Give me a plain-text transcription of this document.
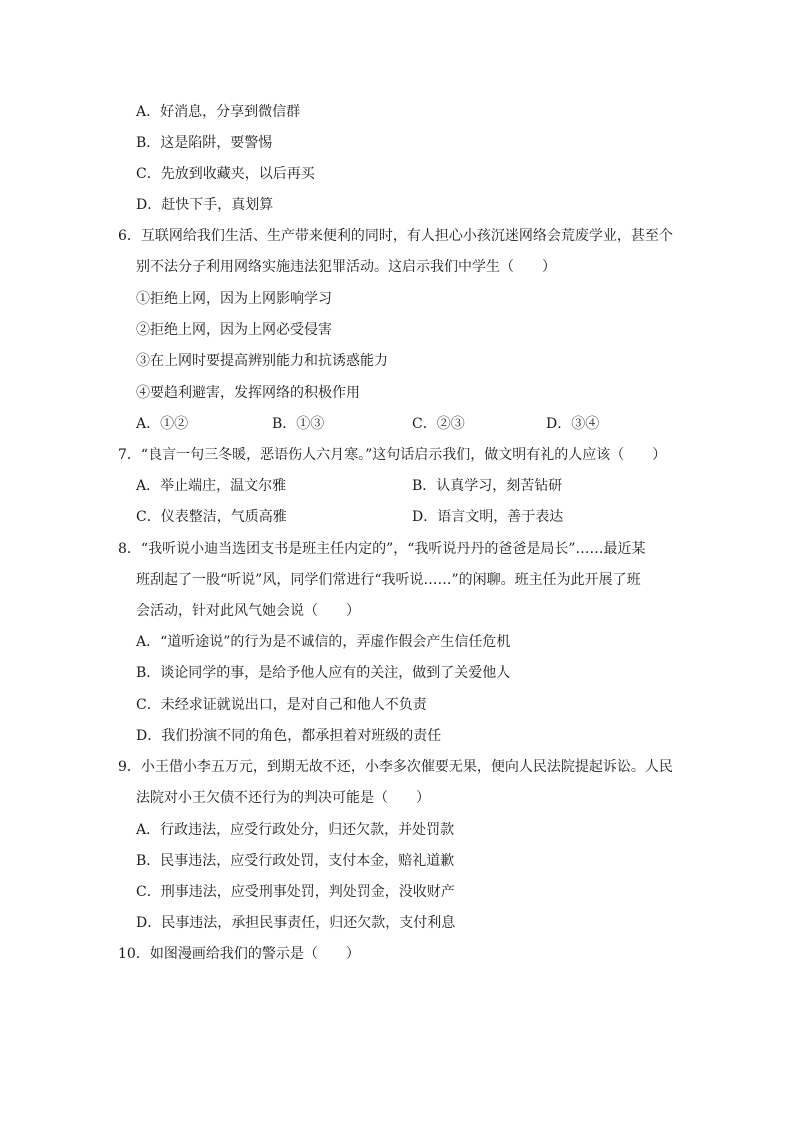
A．好消息，分享到微信群
B．这是陷阱，要警惕
C．先放到收藏夹，以后再买
D．赶快下手，真划算
6．互联网给我们生活、生产带来便利的同时，有人担心小孩沉迷网络会荒废学业，甚至个
别不法分子利用网络实施违法犯罪活动。这启示我们中学生（　　）
①拒绝上网，因为上网影响学习
②拒绝上网，因为上网必受侵害
③在上网时要提高辨别能力和抗诱惑能力
④要趋利避害，发挥网络的积极作用
A．①②	B．①③	C．②③	D．③④
7．“良言一句三冬暖，恶语伤人六月寒。”这句话启示我们，做文明有礼的人应该（　　）
A．举止端庄，温文尔雅	B．认真学习，刻苦钻研
C．仪表整洁，气质高雅	D．语言文明，善于表达
8．“我听说小迪当选团支书是班主任内定的”，“我听说丹丹的爸爸是局长”……最近某
班刮起了一股“听说”风，同学们常进行“我听说……”的闲聊。班主任为此开展了班
会活动，针对此风气她会说（　　）
A．“道听途说”的行为是不诚信的，弄虚作假会产生信任危机
B．谈论同学的事，是给予他人应有的关注，做到了关爱他人
C．未经求证就说出口，是对自己和他人不负责
D．我们扮演不同的角色，都承担着对班级的责任
9．小王借小李五万元，到期无故不还，小李多次催要无果，便向人民法院提起诉讼。人民
法院对小王欠债不还行为的判决可能是（　　）
A．行政违法，应受行政处分，归还欠款，并处罚款
B．民事违法，应受行政处罚，支付本金，赔礼道歉
C．刑事违法，应受刑事处罚，判处罚金，没收财产
D．民事违法，承担民事责任，归还欠款，支付利息
10．如图漫画给我们的警示是（　　）
